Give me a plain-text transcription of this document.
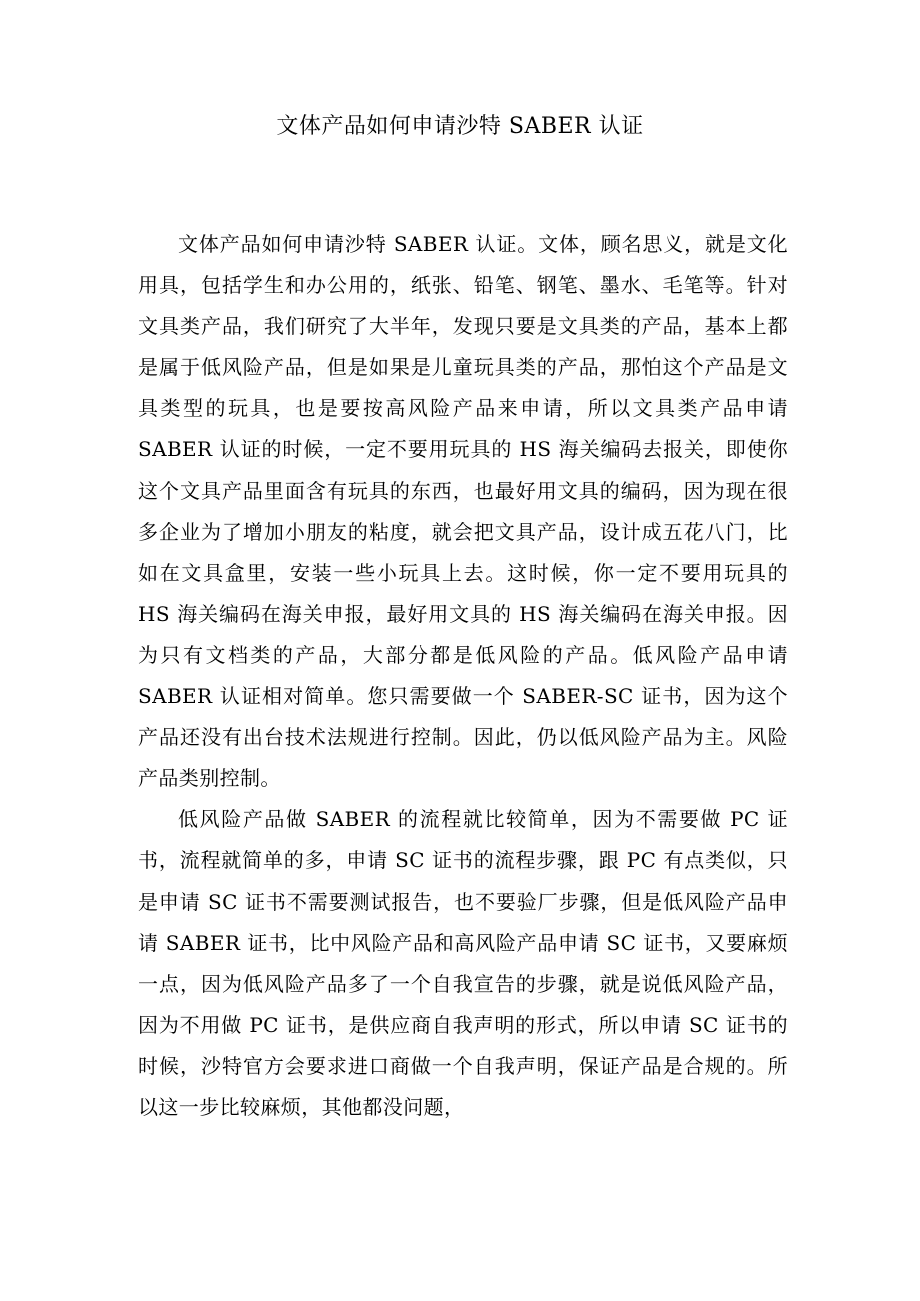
文体产品如何申请沙特 SABER 认证

文体产品如何申请沙特 SABER 认证。文体，顾名思义，就是文化用具，包括学生和办公用的，纸张、铅笔、钢笔、墨水、毛笔等。针对文具类产品，我们研究了大半年，发现只要是文具类的产品，基本上都是属于低风险产品，但是如果是儿童玩具类的产品，那怕这个产品是文具类型的玩具，也是要按高风险产品来申请，所以文具类产品申请 SABER 认证的时候，一定不要用玩具的 HS 海关编码去报关，即使你这个文具产品里面含有玩具的东西，也最好用文具的编码，因为现在很多企业为了增加小朋友的粘度，就会把文具产品，设计成五花八门，比如在文具盒里，安装一些小玩具上去。这时候，你一定不要用玩具的 HS 海关编码在海关申报，最好用文具的 HS 海关编码在海关申报。因为只有文档类的产品，大部分都是低风险的产品。低风险产品申请 SABER 认证相对简单。您只需要做一个 SABER-SC 证书，因为这个产品还没有出台技术法规进行控制。因此，仍以低风险产品为主。风险产品类别控制。

低风险产品做 SABER 的流程就比较简单，因为不需要做 PC 证书，流程就简单的多，申请 SC 证书的流程步骤，跟 PC 有点类似，只是申请 SC 证书不需要测试报告，也不要验厂步骤，但是低风险产品申请 SABER 证书，比中风险产品和高风险产品申请 SC 证书，又要麻烦一点，因为低风险产品多了一个自我宣告的步骤，就是说低风险产品，因为不用做 PC 证书，是供应商自我声明的形式，所以申请 SC 证书的时候，沙特官方会要求进口商做一个自我声明，保证产品是合规的。所以这一步比较麻烦，其他都没问题，
